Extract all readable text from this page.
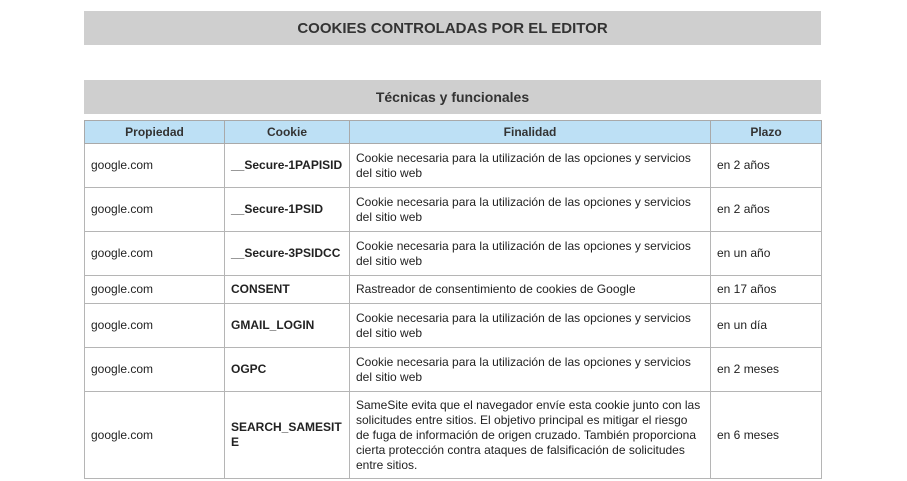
COOKIES CONTROLADAS POR EL EDITOR
Técnicas y funcionales
Propiedad	Cookie	Finalidad	Plazo
google.com	__Secure-1PAPISID	Cookie necesaria para la utilización de las opciones y servicios del sitio web	en 2 años
google.com	__Secure-1PSID	Cookie necesaria para la utilización de las opciones y servicios del sitio web	en 2 años
google.com	__Secure-3PSIDCC	Cookie necesaria para la utilización de las opciones y servicios del sitio web	en un año
google.com	CONSENT	Rastreador de consentimiento de cookies de Google	en 17 años
google.com	GMAIL_LOGIN	Cookie necesaria para la utilización de las opciones y servicios del sitio web	en un día
google.com	OGPC	Cookie necesaria para la utilización de las opciones y servicios del sitio web	en 2 meses
google.com	SEARCH_SAMESITE	SameSite evita que el navegador envíe esta cookie junto con las solicitudes entre sitios. El objetivo principal es mitigar el riesgo de fuga de información de origen cruzado. También proporciona cierta protección contra ataques de falsificación de solicitudes entre sitios.	en 6 meses
